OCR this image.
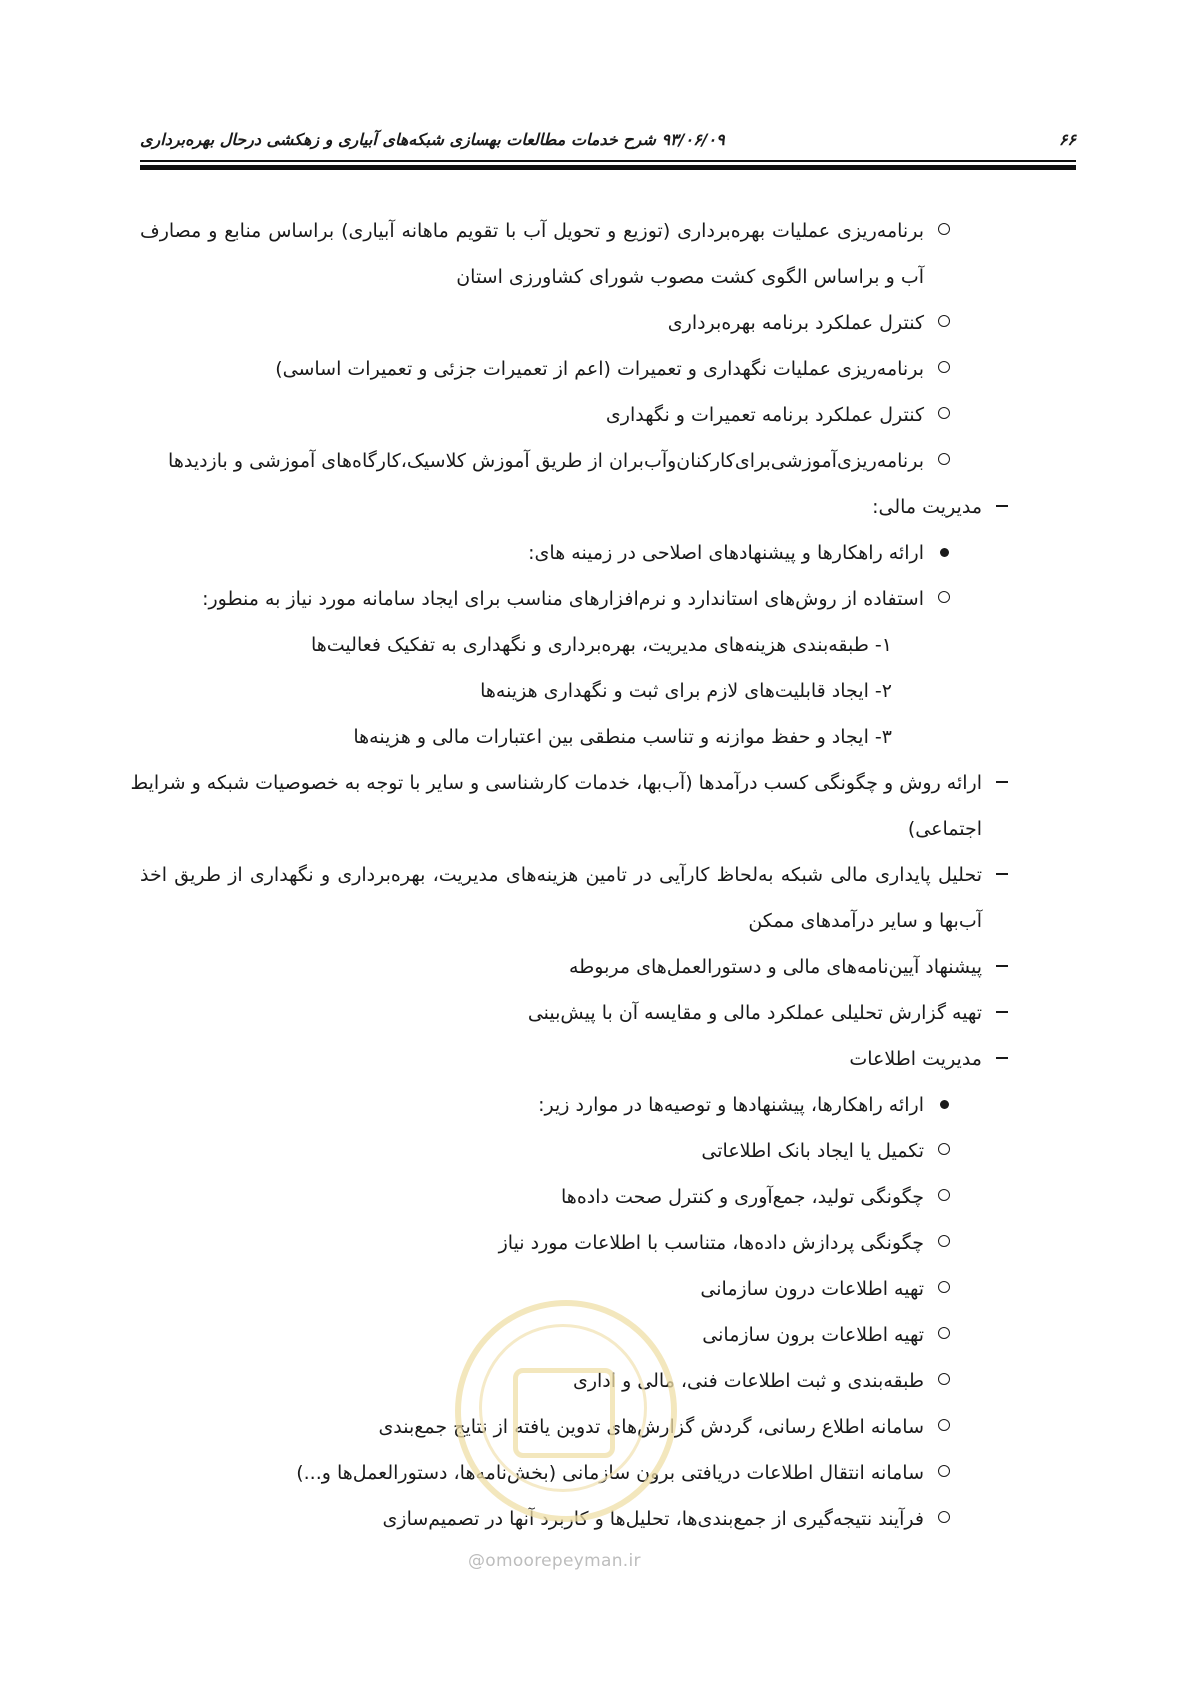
۶۶
۹۳/۰۶/۰۹ شرح خدمات مطالعات بهسازی شبکه‌های آبیاری و زهکشی درحال بهره‌برداری
برنامه‌ریزی عملیات بهره‌برداری (توزیع و تحویل آب با تقویم ماهانه آبیاری) براساس منابع و مصارف
آب و براساس الگوی کشت مصوب شورای کشاورزی استان
کنترل عملکرد برنامه بهره‌برداری
برنامه‌ریزی عملیات نگهداری و تعمیرات (اعم از تعمیرات جزئی و تعمیرات اساسی)
کنترل عملکرد برنامه تعمیرات و نگهداری
برنامه‌ریزی‌آموزشی‌برای‌کارکنان‌وآب‌بران از طریق آموزش کلاسیک،کارگاه‌های آموزشی و بازدیدها
مدیریت مالی:
ارائه راهکارها و پیشنهادهای اصلاحی در زمینه های:
استفاده از روش‌های استاندارد و نرم‌افزارهای مناسب برای ایجاد سامانه مورد نیاز به منطور:
۱- طبقه‌بندی هزینه‌های مدیریت، بهره‌برداری و نگهداری به تفکیک فعالیت‌ها
۲- ایجاد قابلیت‌های لازم برای ثبت و نگهداری هزینه‌ها
۳- ایجاد و حفظ موازنه و تناسب منطقی بین اعتبارات مالی و هزینه‌ها
ارائه روش و چگونگی کسب درآمدها (آب‌بها، خدمات کارشناسی و سایر با توجه به خصوصیات شبکه و شرایط
اجتماعی)
تحلیل پایداری مالی شبکه به‌لحاظ کارآیی در تامین هزینه‌های مدیریت، بهره‌برداری و نگهداری از طریق اخذ
آب‌بها و سایر درآمدهای ممکن
پیشنهاد آیین‌نامه‌های مالی و دستورالعمل‌های مربوطه
تهیه گزارش تحلیلی عملکرد مالی و مقایسه آن با پیش‌بینی
مدیریت اطلاعات
ارائه راهکارها، پیشنهادها و توصیه‌ها در موارد زیر:
تکمیل یا ایجاد بانک اطلاعاتی
چگونگی تولید، جمع‌آوری و کنترل صحت داده‌ها
چگونگی پردازش داده‌ها، متناسب با اطلاعات مورد نیاز
تهیه اطلاعات درون سازمانی
تهیه اطلاعات برون سازمانی
طبقه‌بندی و ثبت اطلاعات فنی، مالی و اداری
سامانه اطلاع رسانی، گردش گزارش‌های تدوین یافته از نتایج جمع‌بندی
سامانه انتقال اطلاعات دریافتی برون سازمانی (بخش‌نامه‌ها، دستورالعمل‌ها و...)
فرآیند نتیجه‌گیری از جمع‌بندی‌ها، تحلیل‌ها و کاربرد آنها در تصمیم‌سازی
@omoorepeyman.ir
